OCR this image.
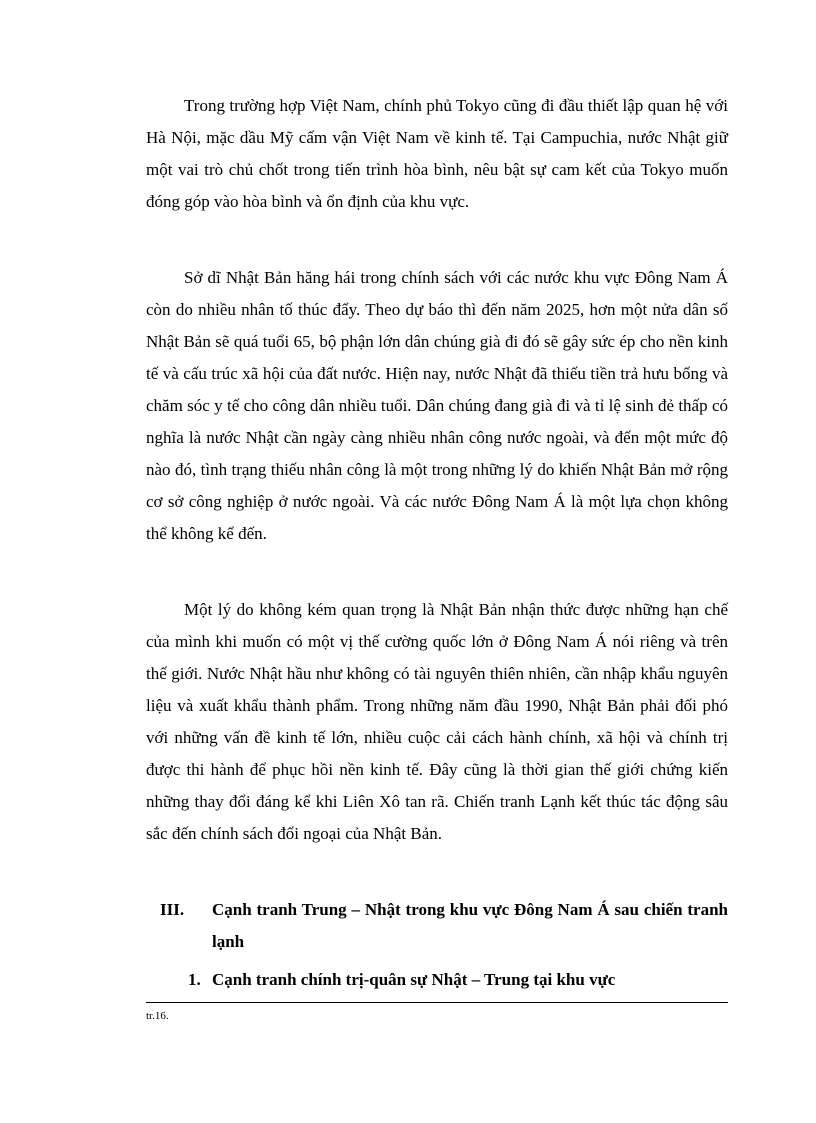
Trong trường hợp Việt Nam, chính phủ Tokyo cũng đi đầu thiết lập quan hệ với Hà Nội, mặc dầu Mỹ cấm vận Việt Nam về kinh tế. Tại Campuchia, nước Nhật giữ một vai trò chủ chốt trong tiến trình hòa bình, nêu bật sự cam kết của Tokyo muốn đóng góp vào hòa bình và ổn định của khu vực.

Sở dĩ Nhật Bản hăng hái trong chính sách với các nước khu vực Đông Nam Á còn do nhiều nhân tố thúc đẩy. Theo dự báo thì đến năm 2025, hơn một nửa dân số Nhật Bản sẽ quá tuổi 65, bộ phận lớn dân chúng già đi đó sẽ gây sức ép cho nền kinh tế và cấu trúc xã hội của đất nước. Hiện nay, nước Nhật đã thiếu tiền trả hưu bổng và chăm sóc y tế cho công dân nhiều tuổi. Dân chúng đang già đi và tỉ lệ sinh đẻ thấp có nghĩa là nước Nhật cần ngày càng nhiều nhân công nước ngoài, và đến một mức độ nào đó, tình trạng thiếu nhân công là một trong những lý do khiến Nhật Bản mở rộng cơ sở công nghiệp ở nước ngoài. Và các nước Đông Nam Á là một lựa chọn không thể không kể đến.

Một lý do không kém quan trọng là Nhật Bản nhận thức được những hạn chế của mình khi muốn có một vị thế cường quốc lớn ở Đông Nam Á nói riêng và trên thế giới. Nước Nhật hầu như không có tài nguyên thiên nhiên, cần nhập khẩu nguyên liệu và xuất khẩu thành phẩm. Trong những năm đầu 1990, Nhật Bản phải đối phó với những vấn đề kinh tế lớn, nhiều cuộc cải cách hành chính, xã hội và chính trị được thi hành để phục hồi nền kinh tế. Đây cũng là thời gian thế giới chứng kiến những thay đổi đáng kể khi Liên Xô tan rã. Chiến tranh Lạnh kết thúc tác động sâu sắc đến chính sách đối ngoại của Nhật Bản.

III. Cạnh tranh Trung – Nhật trong khu vực Đông Nam Á sau chiến tranh lạnh
1. Cạnh tranh chính trị-quân sự Nhật – Trung tại khu vực
tr.16.
